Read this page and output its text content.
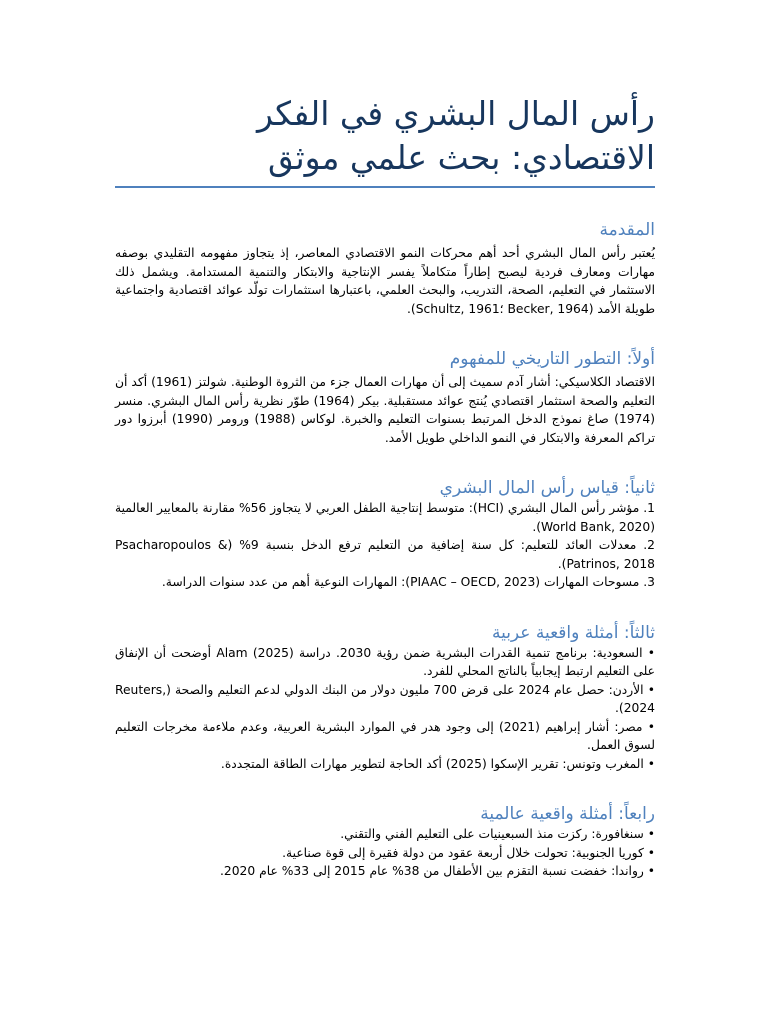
رأس المال البشري في الفكر الاقتصادي: بحث علمي موثق
المقدمة

يُعتبر رأس المال البشري أحد أهم محركات النمو الاقتصادي المعاصر، إذ يتجاوز مفهومه التقليدي بوصفه مهارات ومعارف فردية ليصبح إطاراً متكاملاً يفسر الإنتاجية والابتكار والتنمية المستدامة. ويشمل ذلك الاستثمار في التعليم، الصحة، التدريب، والبحث العلمي، باعتبارها استثمارات تولّد عوائد اقتصادية واجتماعية طويلة الأمد (Becker, 1964 ؛Schultz, 1961).

أولاً: التطور التاريخي للمفهوم

الاقتصاد الكلاسيكي: أشار آدم سميث إلى أن مهارات العمال جزء من الثروة الوطنية. شولتز (1961) أكد أن التعليم والصحة استثمار اقتصادي يُنتج عوائد مستقبلية. بيكر (1964) طوّر نظرية رأس المال البشري. منسر (1974) صاغ نموذج الدخل المرتبط بسنوات التعليم والخبرة. لوكاس (1988) ورومر (1990) أبرزوا دور تراكم المعرفة والابتكار في النمو الداخلي طويل الأمد.

ثانياً: قياس رأس المال البشري
1. مؤشر رأس المال البشري (HCI): متوسط إنتاجية الطفل العربي لا يتجاوز 56% مقارنة بالمعايير العالمية (World Bank, 2020).
2. معدلات العائد للتعليم: كل سنة إضافية من التعليم ترفع الدخل بنسبة 9% (Psacharopoulos & Patrinos, 2018).
3. مسوحات المهارات (PIAAC – OECD, 2023): المهارات النوعية أهم من عدد سنوات الدراسة.
ثالثاً: أمثلة واقعية عربية
• السعودية: برنامج تنمية القدرات البشرية ضمن رؤية 2030. دراسة Alam (2025) أوضحت أن الإنفاق على التعليم ارتبط إيجابياً بالناتج المحلي للفرد.
• الأردن: حصل عام 2024 على قرض 700 مليون دولار من البنك الدولي لدعم التعليم والصحة (Reuters, 2024).
• مصر: أشار إبراهيم (2021) إلى وجود هدر في الموارد البشرية العربية، وعدم ملاءمة مخرجات التعليم لسوق العمل.
• المغرب وتونس: تقرير الإسكوا (2025) أكد الحاجة لتطوير مهارات الطاقة المتجددة.
رابعاً: أمثلة واقعية عالمية
• سنغافورة: ركزت منذ السبعينيات على التعليم الفني والتقني.
• كوريا الجنوبية: تحولت خلال أربعة عقود من دولة فقيرة إلى قوة صناعية.
• رواندا: خفضت نسبة التقزم بين الأطفال من 38% عام 2015 إلى 33% عام 2020.
